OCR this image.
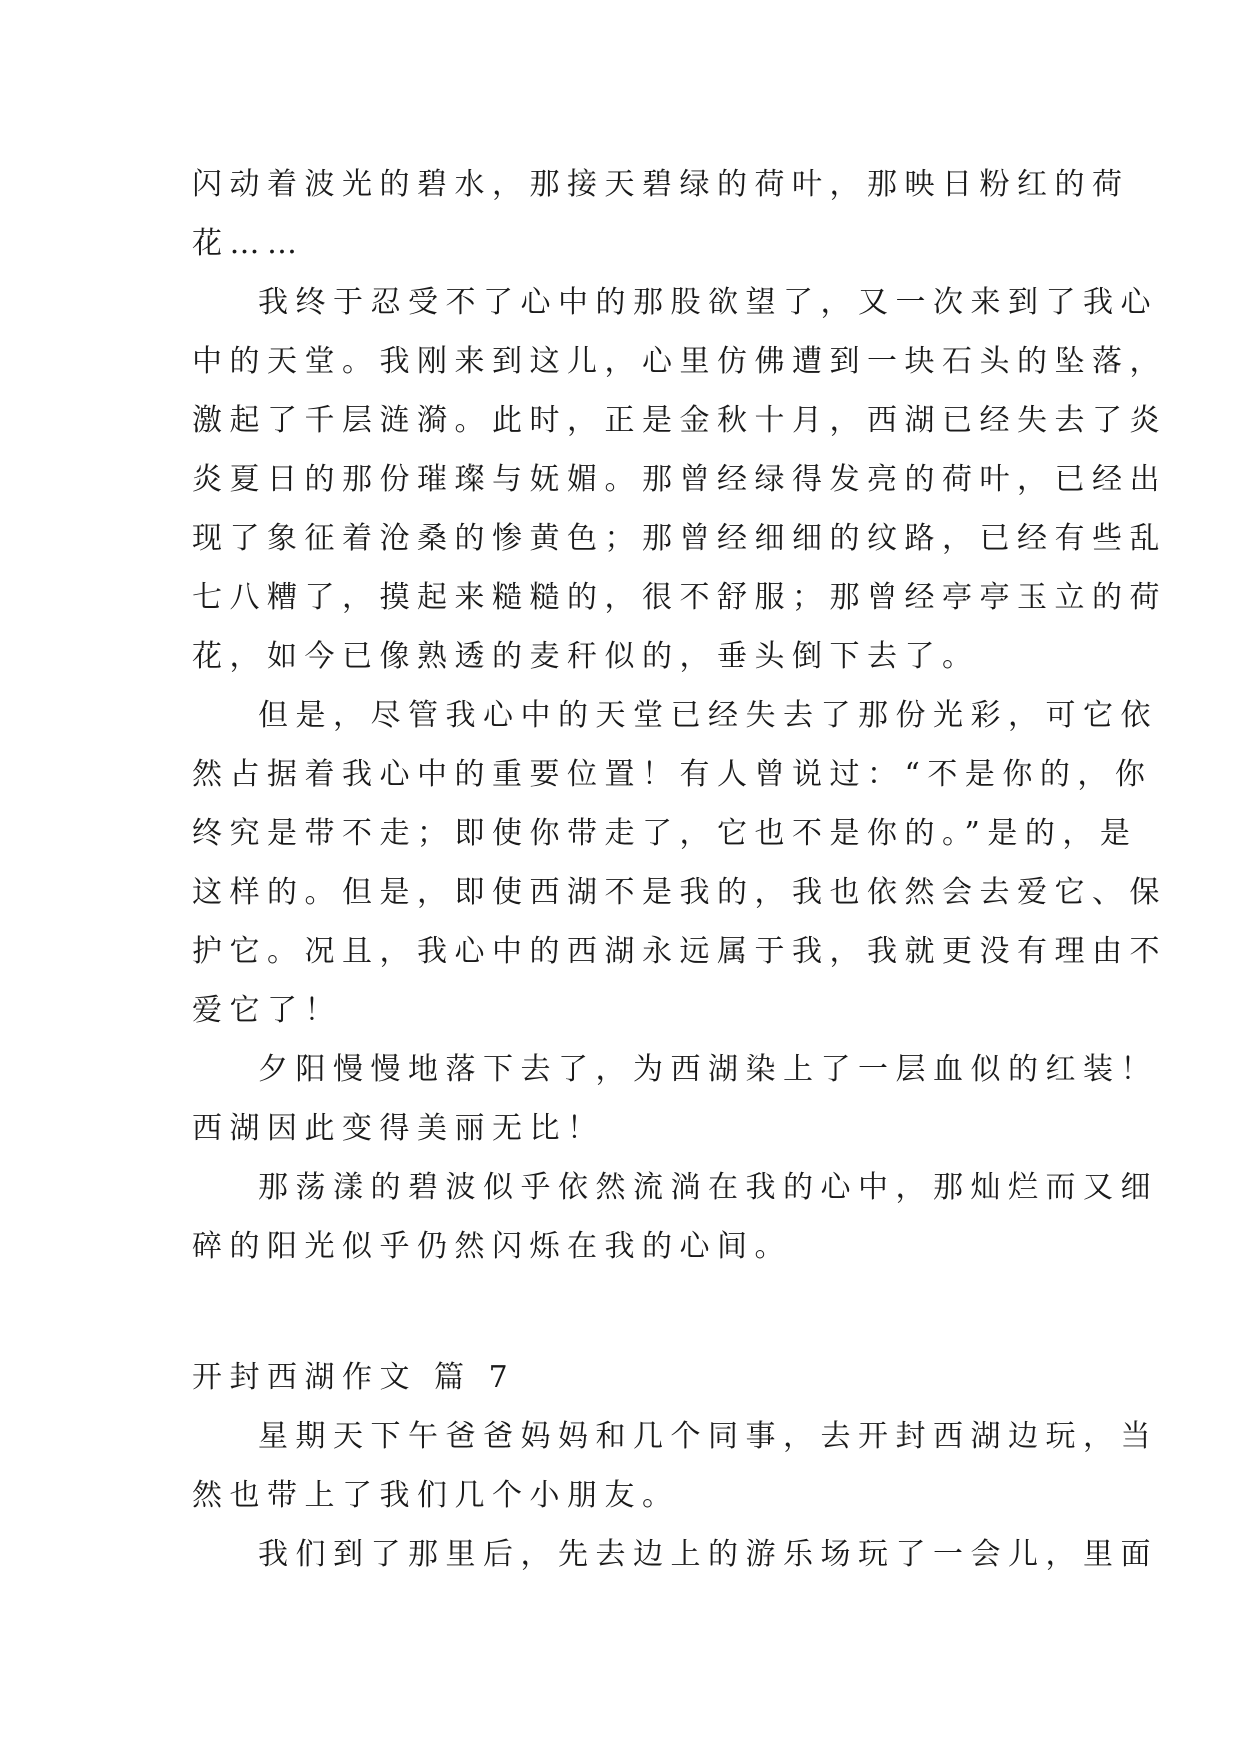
闪动着波光的碧水，那接天碧绿的荷叶，那映日粉红的荷
花……
我终于忍受不了心中的那股欲望了，又一次来到了我心
中的天堂。我刚来到这儿，心里仿佛遭到一块石头的坠落，
激起了千层涟漪。此时，正是金秋十月，西湖已经失去了炎
炎夏日的那份璀璨与妩媚。那曾经绿得发亮的荷叶，已经出
现了象征着沧桑的惨黄色；那曾经细细的纹路，已经有些乱
七八糟了，摸起来糙糙的，很不舒服；那曾经亭亭玉立的荷
花，如今已像熟透的麦秆似的，垂头倒下去了。
但是，尽管我心中的天堂已经失去了那份光彩，可它依
然占据着我心中的重要位置！有人曾说过：“不是你的，你
终究是带不走；即使你带走了，它也不是你的。”是的，是
这样的。但是，即使西湖不是我的，我也依然会去爱它、保
护它。况且，我心中的西湖永远属于我，我就更没有理由不
爱它了！
夕阳慢慢地落下去了，为西湖染上了一层血似的红装！
西湖因此变得美丽无比！
那荡漾的碧波似乎依然流淌在我的心中，那灿烂而又细
碎的阳光似乎仍然闪烁在我的心间。
开封西湖作文 篇 7
星期天下午爸爸妈妈和几个同事，去开封西湖边玩，当
然也带上了我们几个小朋友。
我们到了那里后，先去边上的游乐场玩了一会儿，里面
